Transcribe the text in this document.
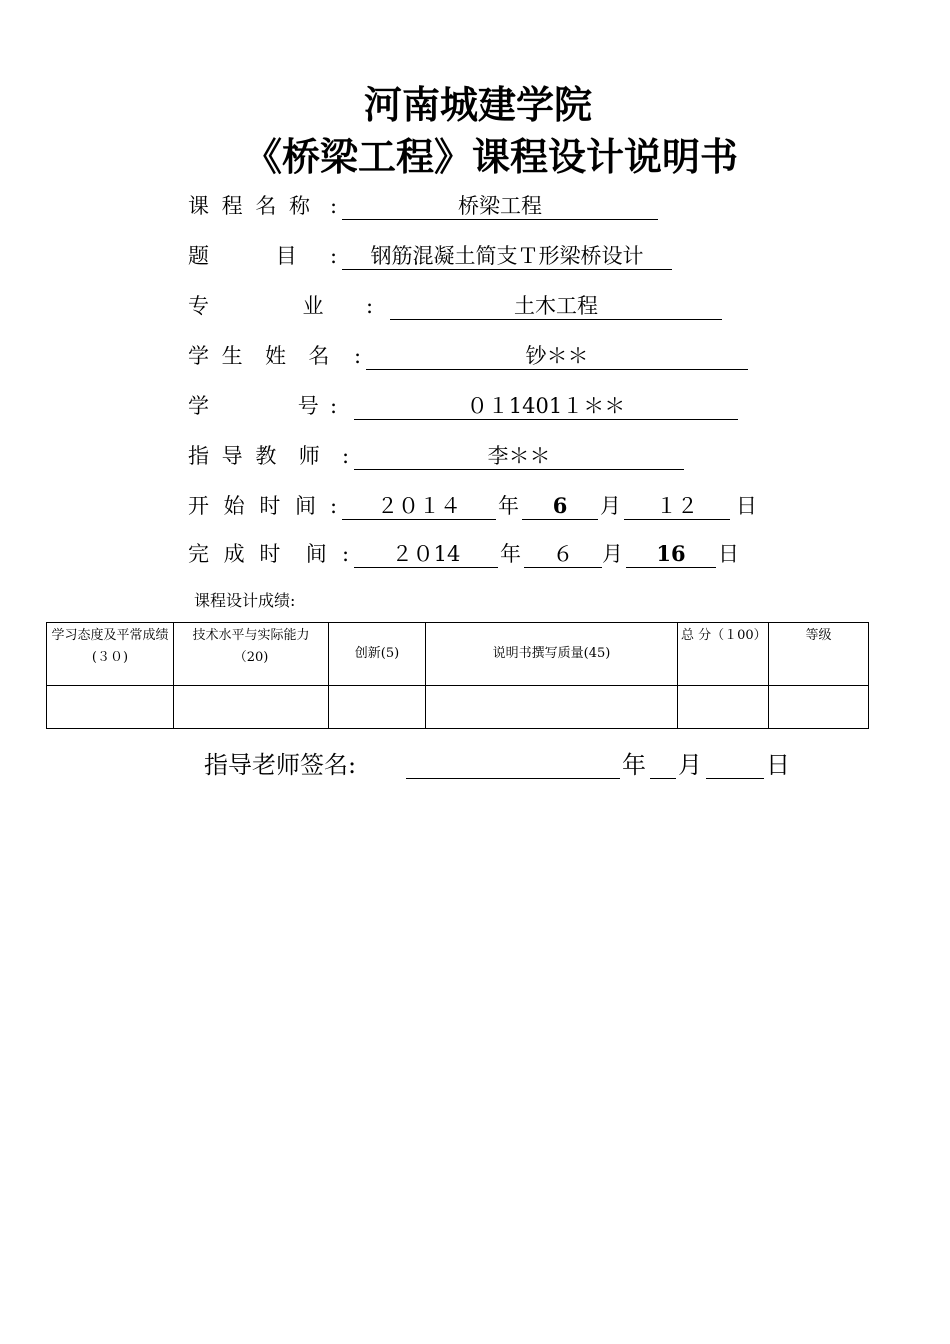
河南城建学院
《桥梁工程》课程设计说明书
课 程 名 称 :	桥梁工程
题          目 :	钢筋混凝土简支Ｔ形梁桥设计
专              业 :	土木工程
学 生  姓  名 :	钞＊＊
学          号 :	０１1401１＊＊
指 导 教  师 :	李＊＊
开 始 时 间 :	２０１４	年	6	月	１２	日
完 成 时  间 :	２０14	年	６	月	16	日
课程设计成绩:
学习态度及平常成绩(３０)	技术水平与实际能力（20)	创新(5)	说明书撰写质量(45)	总 分（１00）	等级

指导老师签名:	年 月	日
